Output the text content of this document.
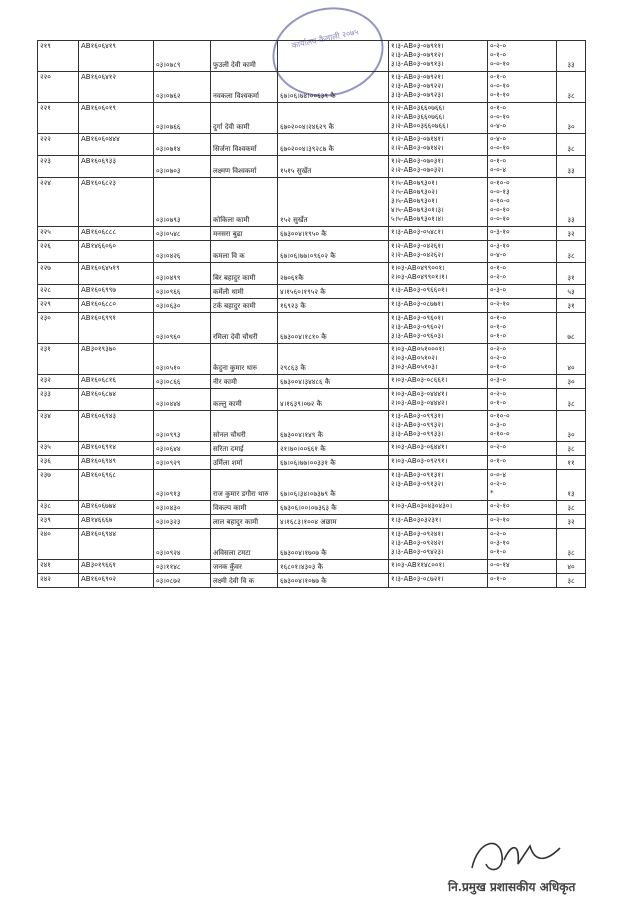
कार्यालय कैलाली २०७५
२१९	AB१६०६४१९	०३।०७८९	फुउली देवी कामी		१।३-AB०३-०७९११।
२।३-AB०३-०७९१२।
३।३-AB०३-०७९१३।	०-२-०
०-१-०
०-०-१०	३३
२२०	AB१६०६४१२	०३।०७६२	नवकला विश्वकर्मा	६७।०६।७४।००६३९ कै	१।३-AB०३-०७९२१।
२।३-AB०३-०७९२२।
३।३-AB०३-०७९२३।	०-१-०
०-०-१०
०-१-१०	३८
२२१	AB१६०६०१९	०३।०७६६	दुर्गा देवी कामी	६७०२००४।२४६२९ कै	१।२-AB०३६६०७६६।
२।२-AB०३६६०७६६।
३।२-AB००३६६०७६६।	०-१-०
०-०-१०
०-४-०	३०
२२२	AB१६०६०४४४	०३।०७१४	सिर्जना विश्वकर्मा	६७०२००४।३९२८७ कै	१।२-AB०३-०७१४१।
२।२-AB०३-०७१४२।	०-४-०
०-०-१०	३८
२२३	AB१६०६९३३	०३।०७०३	लक्ष्मण विश्वकर्मा	१५१५ सुर्खेत	१।२-AB०३-०७०३१।
२।२-AB०३-०७०३२।	०-१-०
०-०-४	३३
२२४	AB१६०६८२३	०३।०७९३	कोकिला कामी	१५२ सुर्खेत	१।५-AB०७९३०१।
२।५-AB०७९३०२।
३।५-AB०७९३०१।
४।५-AB०७९३०१।३।
५।५-AB०७९३०१।४।	०-१०-०
०-०-१३
०-१०-०
०-०-१०
०-०-१०	३३
२२५	AB१६०६८८८	०३।०५४८	मनसरा बुढा	६७३००४।१९५० कै	१।३-AB०३-०५४८१।	०-३-१०	३२
२२६	AB१४६६०६०	०३।०४२६	कमला वि क	६७।०६।७७।०९६०२ कै	१।२-AB०३-०४२६१।
२।२-AB०३-०४२६२।	०-३-१०
०-४-०	३८
२२७	AB१६०६४५१९	०३।०४९९	बिर बहादुर कामी	२७०६१कै	१।०३-AB०४९९००१।
२।०३-AB०४९९०१।१।	०-१-०
०-२-०	३१
२२८	AB१६०६९९७	०३।०९६६	कर्मेली थामी	४।१५६०।१९५२ कै	१।३-AB०३-०९६६०१।	०-३-०	५३
२२९	AB१६०६८८०	०३।०६३०	टर्क बहादुर कामी	१६९२३ कै	१।३-AB०३-०८७७१।	०-२-१०	३१
२३०	AB१६०६९९१	०३।०९६०	रमिला देवी चौधरी	६७३००४।१८१० कै	१।३-AB०३-०९६०१।
२।३-AB०३-०९६०२।
३।३-AB०३-०९६०३।	०-१-०
०-१-०
०-१-०	७८
२३१	AB३०१९३७०	०३।०५१०	केदुना कुमार थारु	२९८६३ कै	१।०३-AB०५१०००१।
२।०३-AB०५१०२।
३।०३-AB०५१०३।	०-२-०
०-२-०
०-१-०	४०
२३२	AB१६०६८१६	०३।०८६६	नीर कामी	६७३००४।३४४८६ कै	१।०३-AB०३-०८६६१।	०-३-०	३०
२३३	AB१६०६८७४	०३।०४४४	कल्लु कामी	४।१६३९।०७२ कै	१।०३-AB०३-०४४४१।
२।०३-AB०३-०४४४२।	०-२-०
०-१-०	३८
२३४	AB१६०६९४३	०३।०९९३	सोनल चौधरी	६७३००४।१४९ कै	१।३-AB०३-०९९३१।
२।३-AB०३-०९९३२।
३।३-AB०३-०९९३३।	०-१०-०
०-३-०
०-१०-०	३०
२३५	AB१६०६९१४	०३।०६४४	सरिता दमाई	२१।७०।००६६१ कै	१।०३-AB०३-०६४४१।	०-२-०	३८
२३६	AB१६०६९४९	०३।०९२९	उर्मिला शर्मा	६७।०६।७७।००३३१ कै	१।०३-AB०३-०९२९१।	०-१-०	११
२३७	AB१६०६९६८	०३।०९१३	राज कुमार डगौरा थारु	६७।०६।३४।०७३७९ कै	१।३-AB०३-०९१३१।
२।३-AB०३-०९१३२।	०-०-४
०-२-०
*	१३
२३८	AB१६०६७७४	०३।०४३०	विकल्प कामी	६७३०६।००।०७३६३ कै	१।०३-AB०३०४३०४३०।	०-२-१०	३८
२३९	AB१४६६६७	०३।०३२३	लाल बहादुर कामी	४।१६८३।१००४ अछाम	१।३-AB०३०३२३१।	०-२-१०	३२
२४०	AB१६०६९४४	०३।०९२४	अविसला टमटा	६७३००४।१७०७ कै	१।३-AB०३-०९२४१।
२।३-AB०३-०९२४२।
३।३-AB०३-०९४२३।	०-२-०
०-३-१०
०-१-०	३८
२४१	AB३०१९६६१	०३।११४८	जनक कुँवर	१६८०१।४३०३ कै	१।०३-AB११४८००१।	०-०-१४	४०
२४२	AB१६०६९०२	०३।०८७२	लक्ष्मी देवी वि क	६७३००४।१०७७ कै	१।३-AB०३-०८७२१।	०-१-०	३८
नि.प्रमुख प्रशासकीय अधिकृत
